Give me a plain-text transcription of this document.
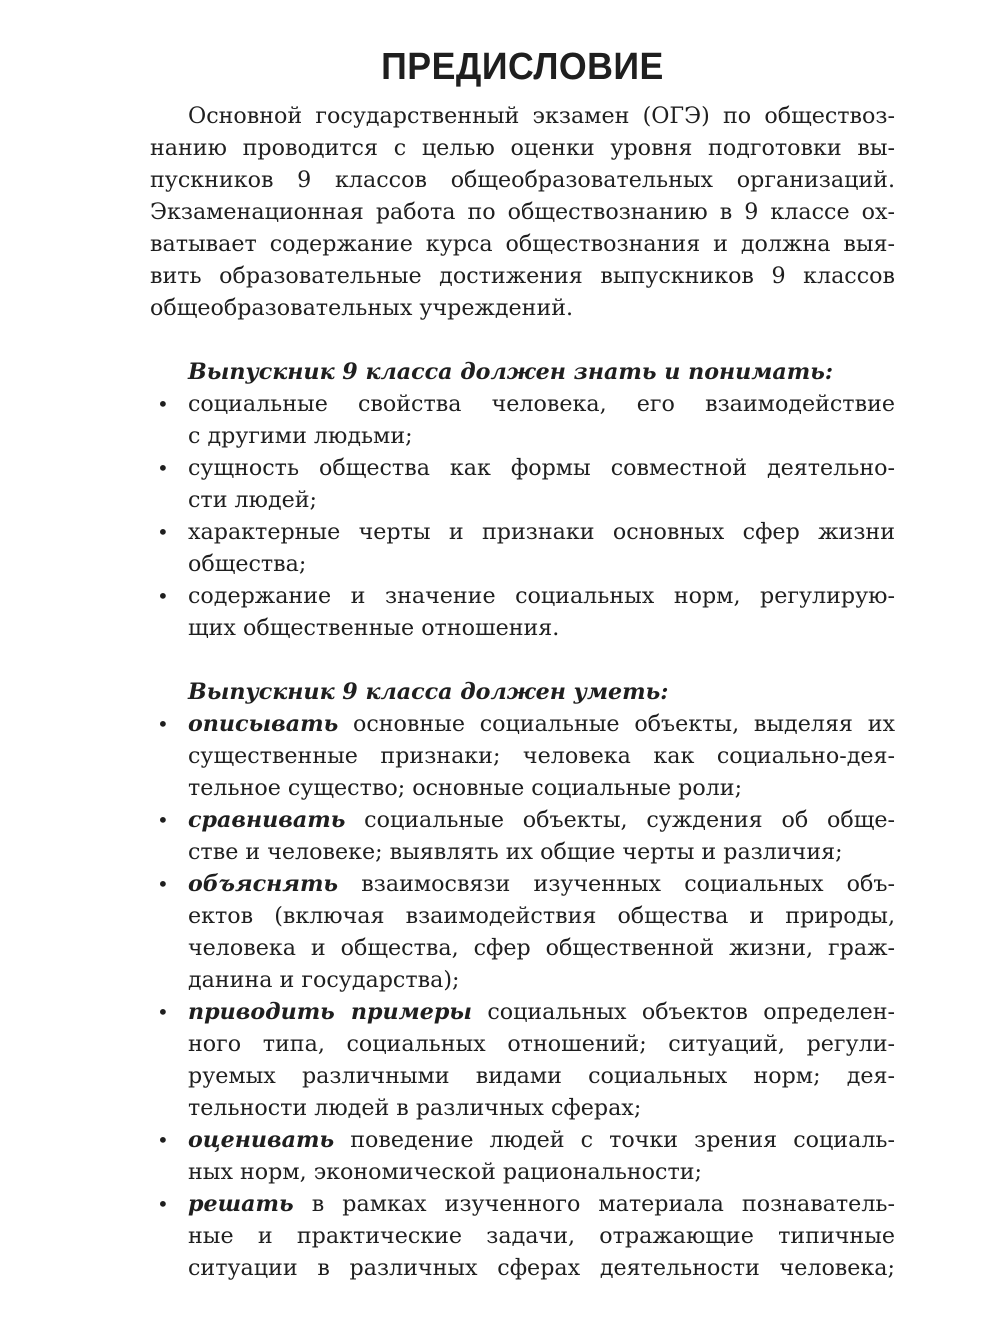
ПРЕДИСЛОВИЕ
Основной государственный экзамен (ОГЭ) по обществоз-
нанию проводится с целью оценки уровня подготовки вы-
пускников 9 классов общеобразовательных организаций.
Экзаменационная работа по обществознанию в 9 классе ох-
ватывает содержание курса обществознания и должна выя-
вить образовательные достижения выпускников 9 классов
общеобразовательных учреждений.
Выпускник 9 класса должен знать и понимать:
• социальные свойства человека, его взаимодействие
с другими людьми;
• сущность общества как формы совместной деятельно-
сти людей;
• характерные черты и признаки основных сфер жизни
общества;
• содержание и значение социальных норм, регулирую-
щих общественные отношения.
Выпускник 9 класса должен уметь:
• описывать основные социальные объекты, выделяя их
существенные признаки; человека как социально-дея-
тельное существо; основные социальные роли;
• сравнивать социальные объекты, суждения об обще-
стве и человеке; выявлять их общие черты и различия;
• объяснять взаимосвязи изученных социальных объ-
ектов (включая взаимодействия общества и природы,
человека и общества, сфер общественной жизни, граж-
данина и государства);
• приводить примеры социальных объектов определен-
ного типа, социальных отношений; ситуаций, регули-
руемых различными видами социальных норм; дея-
тельности людей в различных сферах;
• оценивать поведение людей с точки зрения социаль-
ных норм, экономической рациональности;
• решать в рамках изученного материала познаватель-
ные и практические задачи, отражающие типичные
ситуации в различных сферах деятельности человека;
